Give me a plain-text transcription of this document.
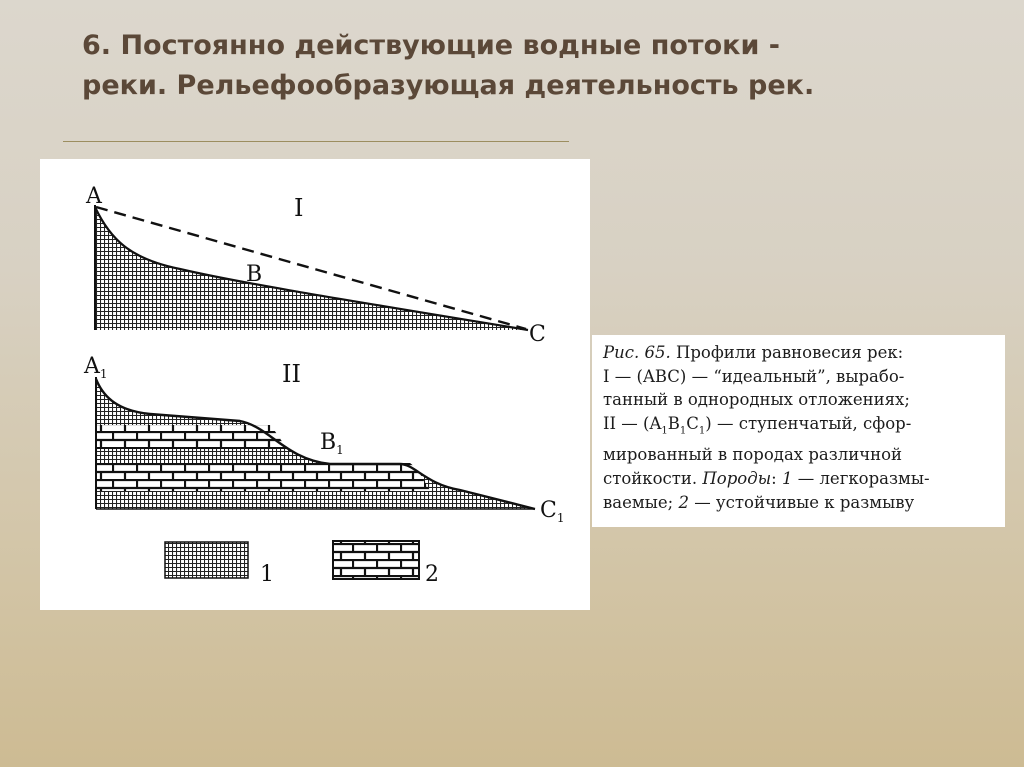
6. Постоянно действующие водные потоки -
реки. Рельефообразующая деятельность рек.
A
B
C
I
$A_1$
$B_1$
$C_1$
II
1	2
Рис. 65. Профили равновесия рек:
I — (ABC) — “идеальный”, вырабо-
танный в однородных отложениях;
II — $(A_1B_1C_1)$ — ступенчатый, сфор-
мированный в породах различной
стойкости. Породы: 1 — легкоразмы-
ваемые; 2 — устойчивые к размыву
